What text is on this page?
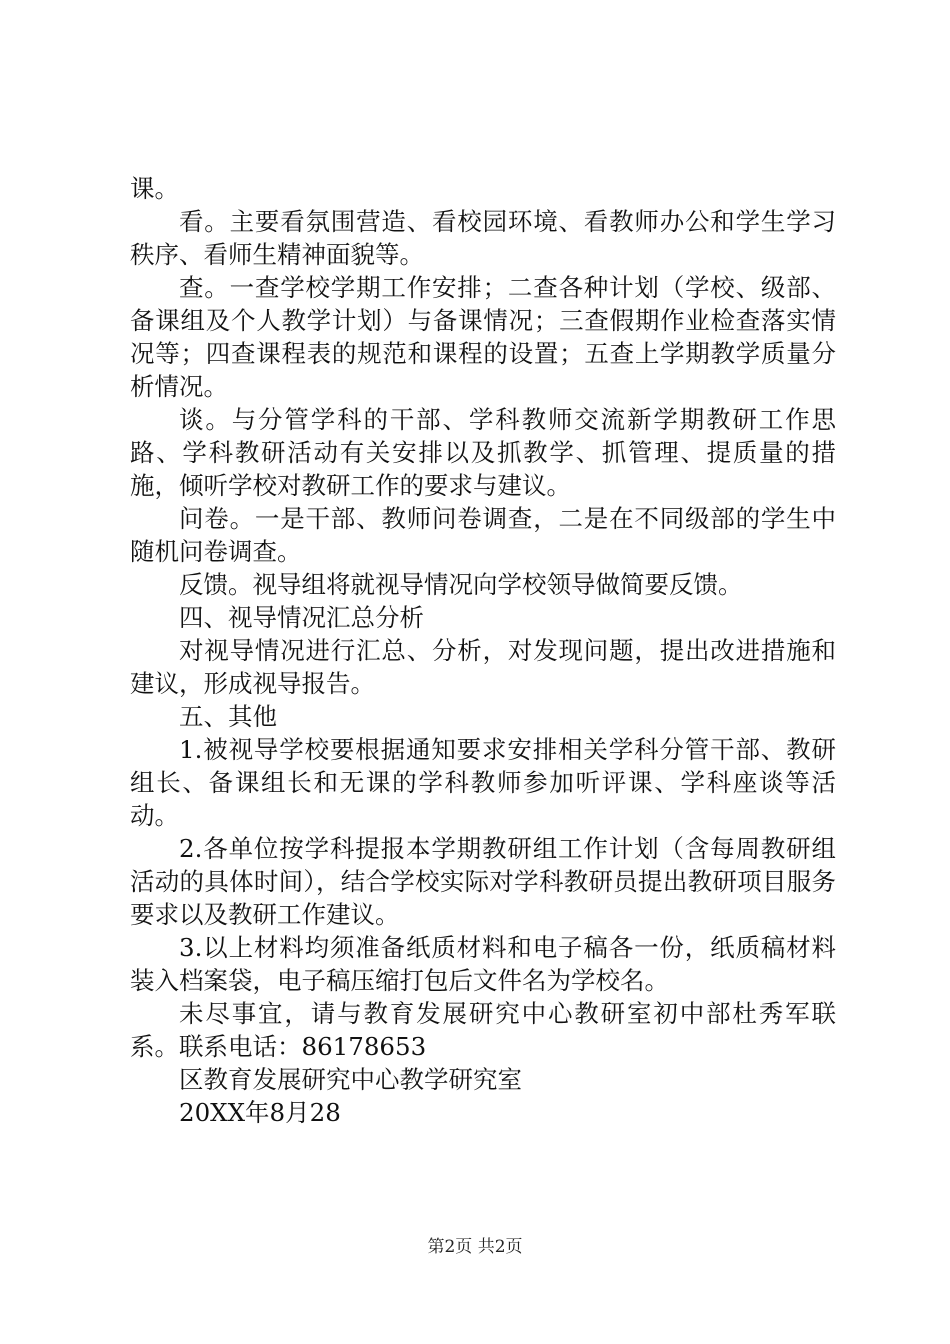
课。

看。主要看氛围营造、看校园环境、看教师办公和学生学习秩序、看师生精神面貌等。

查。一查学校学期工作安排；二查各种计划（学校、级部、备课组及个人教学计划）与备课情况；三查假期作业检查落实情况等；四查课程表的规范和课程的设置；五查上学期教学质量分析情况。

谈。与分管学科的干部、学科教师交流新学期教研工作思路、学科教研活动有关安排以及抓教学、抓管理、提质量的措施，倾听学校对教研工作的要求与建议。

问卷。一是干部、教师问卷调查，二是在不同级部的学生中随机问卷调查。

反馈。视导组将就视导情况向学校领导做简要反馈。

四、视导情况汇总分析

对视导情况进行汇总、分析，对发现问题，提出改进措施和建议，形成视导报告。

五、其他

1.被视导学校要根据通知要求安排相关学科分管干部、教研组长、备课组长和无课的学科教师参加听评课、学科座谈等活动。

2.各单位按学科提报本学期教研组工作计划（含每周教研组活动的具体时间），结合学校实际对学科教研员提出教研项目服务要求以及教研工作建议。

3.以上材料均须准备纸质材料和电子稿各一份，纸质稿材料装入档案袋，电子稿压缩打包后文件名为学校名。

未尽事宜，请与教育发展研究中心教研室初中部杜秀军联系。联系电话：86178653

区教育发展研究中心教学研究室

20XX年8月28

第2页 共2页
